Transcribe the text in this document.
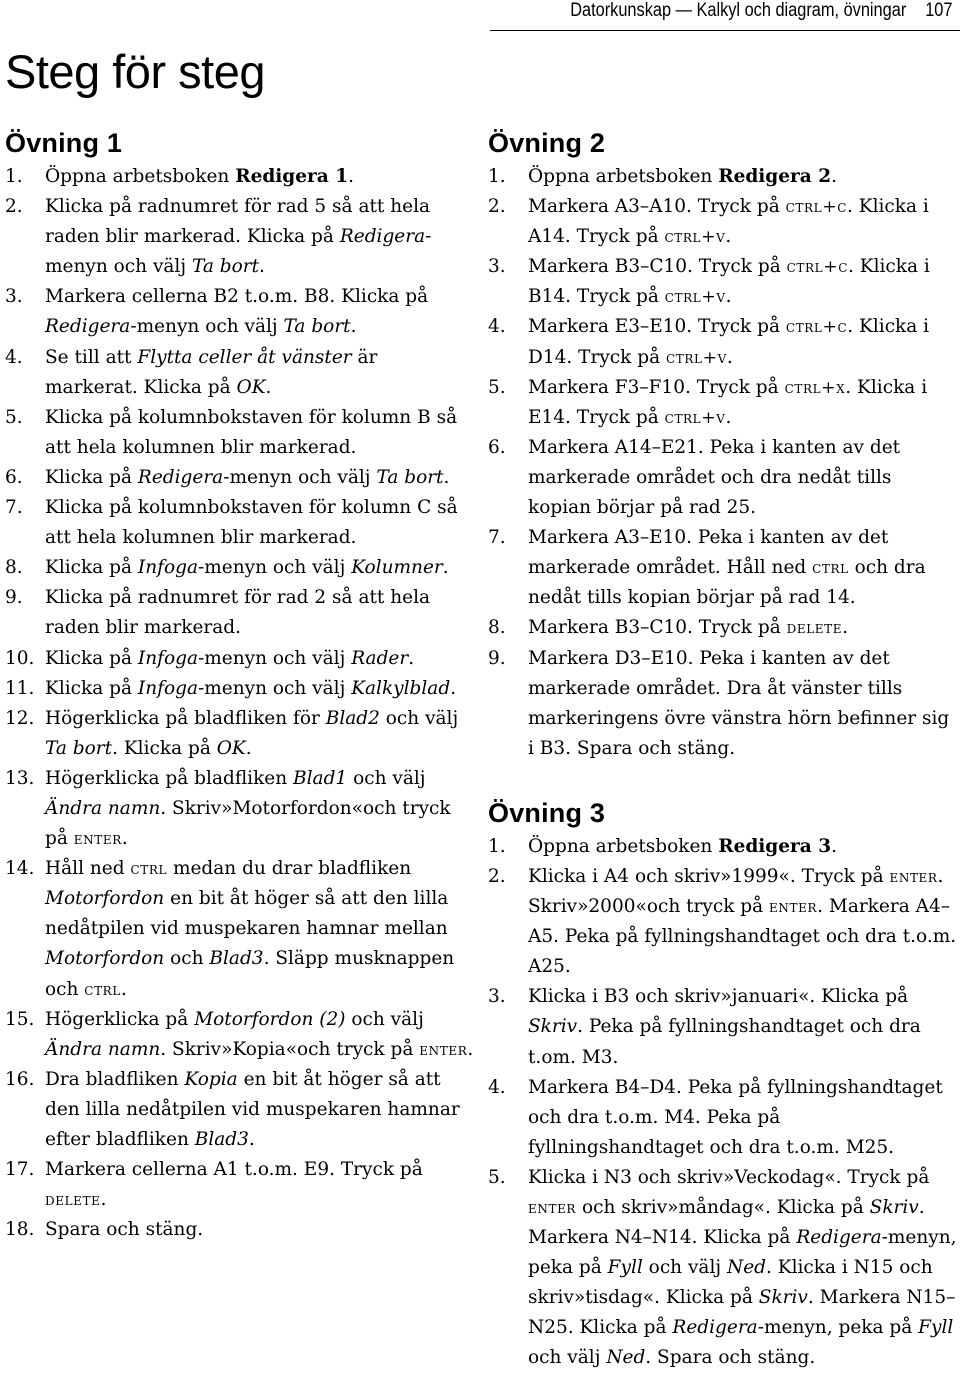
Datorkunskap — Kalkyl och diagram, övningar 107
Steg för steg
Övning 1
1. Öppna arbetsboken Redigera 1.
2. Klicka på radnumret för rad 5 så att hela raden blir markerad. Klicka på Redigera-menyn och välj Ta bort.
3. Markera cellerna B2 t.o.m. B8. Klicka på Redigera-menyn och välj Ta bort.
4. Se till att Flytta celler åt vänster är markerat. Klicka på OK.
5. Klicka på kolumnbokstaven för kolumn B så att hela kolumnen blir markerad.
6. Klicka på Redigera-menyn och välj Ta bort.
7. Klicka på kolumnbokstaven för kolumn C så att hela kolumnen blir markerad.
8. Klicka på Infoga-menyn och välj Kolumner.
9. Klicka på radnumret för rad 2 så att hela raden blir markerad.
10. Klicka på Infoga-menyn och välj Rader.
11. Klicka på Infoga-menyn och välj Kalkylblad.
12. Högerklicka på bladfliken för Blad2 och välj Ta bort. Klicka på OK.
13. Högerklicka på bladfliken Blad1 och välj Ändra namn. Skriv»Motorfordon«och tryck på enter.
14. Håll ned ctrl medan du drar bladfliken Motorfordon en bit åt höger så att den lilla nedåtpilen vid muspekaren hamnar mellan Motorfordon och Blad3. Släpp musknappen och ctrl.
15. Högerklicka på Motorfordon (2) och välj Ändra namn. Skriv»Kopia«och tryck på enter.
16. Dra bladfliken Kopia en bit åt höger så att den lilla nedåtpilen vid muspekaren hamnar efter bladfliken Blad3.
17. Markera cellerna A1 t.o.m. E9. Tryck på delete.
18. Spara och stäng.
Övning 2
1. Öppna arbetsboken Redigera 2.
2. Markera A3–A10. Tryck på ctrl+c. Klicka i A14. Tryck på ctrl+v.
3. Markera B3–C10. Tryck på ctrl+c. Klicka i B14. Tryck på ctrl+v.
4. Markera E3–E10. Tryck på ctrl+c. Klicka i D14. Tryck på ctrl+v.
5. Markera F3–F10. Tryck på ctrl+x. Klicka i E14. Tryck på ctrl+v.
6. Markera A14–E21. Peka i kanten av det markerade området och dra nedåt tills kopian börjar på rad 25.
7. Markera A3–E10. Peka i kanten av det markerade området. Håll ned ctrl och dra nedåt tills kopian börjar på rad 14.
8. Markera B3–C10. Tryck på delete.
9. Markera D3–E10. Peka i kanten av det markerade området. Dra åt vänster tills markeringens övre vänstra hörn befinner sig i B3. Spara och stäng.
Övning 3
1. Öppna arbetsboken Redigera 3.
2. Klicka i A4 och skriv»1999«. Tryck på enter. Skriv»2000«och tryck på enter. Markera A4–A5. Peka på fyllningshandtaget och dra t.o.m. A25.
3. Klicka i B3 och skriv»januari«. Klicka på Skriv. Peka på fyllningshandtaget och dra t.om. M3.
4. Markera B4–D4. Peka på fyllningshandtaget och dra t.o.m. M4. Peka på fyllningshandtaget och dra t.o.m. M25.
5. Klicka i N3 och skriv»Veckodag«. Tryck på enter och skriv»måndag«. Klicka på Skriv. Markera N4–N14. Klicka på Redigera-menyn, peka på Fyll och välj Ned. Klicka i N15 och skriv»tisdag«. Klicka på Skriv. Markera N15–N25. Klicka på Redigera-menyn, peka på Fyll och välj Ned. Spara och stäng.
